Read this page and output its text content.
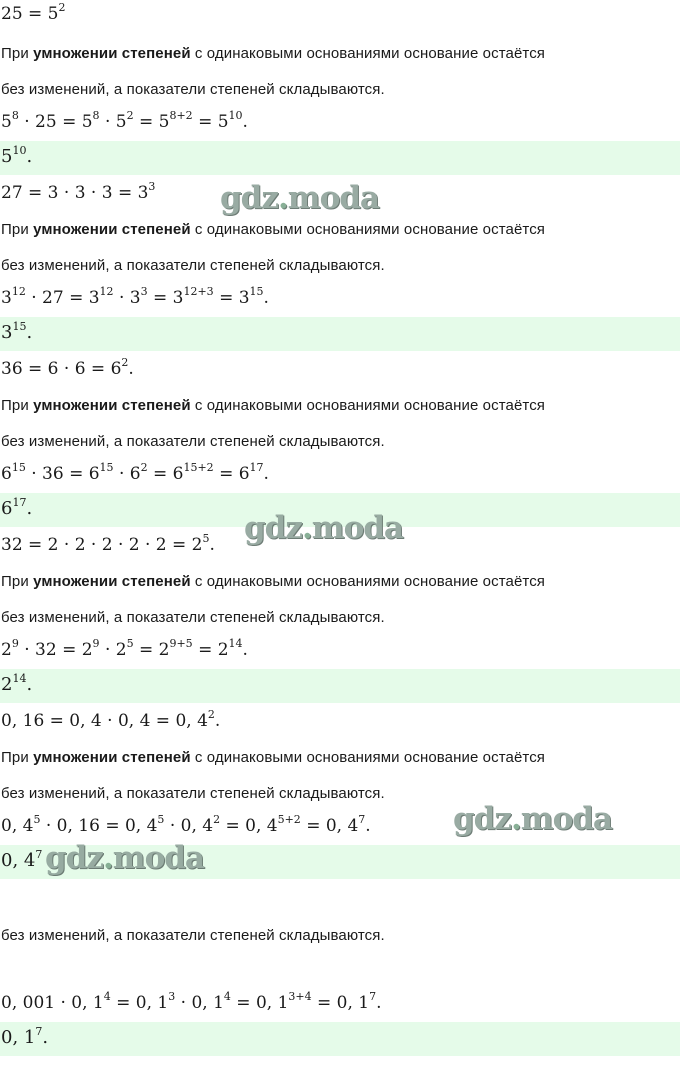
$25 = 5^2$
При умножении степеней с одинаковыми основаниями основание остаётся
без изменений, а показатели степеней складываются.
$5^8 \cdot 25 = 5^8 \cdot 5^2 = 5^{8+2} = 5^{10}$.
$5^{10}$.
$27 = 3 \cdot 3 \cdot 3 = 3^3$
При умножении степеней с одинаковыми основаниями основание остаётся
без изменений, а показатели степеней складываются.
$3^{12} \cdot 27 = 3^{12} \cdot 3^3 = 3^{12+3} = 3^{15}$.
$3^{15}$.
$36 = 6 \cdot 6 = 6^2$.
При умножении степеней с одинаковыми основаниями основание остаётся
без изменений, а показатели степеней складываются.
$6^{15} \cdot 36 = 6^{15} \cdot 6^2 = 6^{15+2} = 6^{17}$.
$6^{17}$.
$32 = 2 \cdot 2 \cdot 2 \cdot 2 \cdot 2 = 2^5$.
При умножении степеней с одинаковыми основаниями основание остаётся
без изменений, а показатели степеней складываются.
$2^9 \cdot 32 = 2^9 \cdot 2^5 = 2^{9+5} = 2^{14}$.
$2^{14}$.
0, 16 = 0, 4 · 0, 4 = 0, $4^2$.
При умножении степеней с одинаковыми основаниями основание остаётся
без изменений, а показатели степеней складываются.
0, $4^5 \cdot 0$, 16 = 0, $4^5 \cdot 0$, $4^2 = 0$, $4^{5+2} = 0$, $4^7$.
0, $4^7$
без изменений, а показатели степеней складываются.
0, 001 · 0, $1^4 = 0$, $1^3 \cdot 0$, $1^4 = 0$, $1^{3+4} = 0$, $1^7$.
0, $1^7$.
gdz.moda
gdz.moda
gdz.moda
gdz.moda
